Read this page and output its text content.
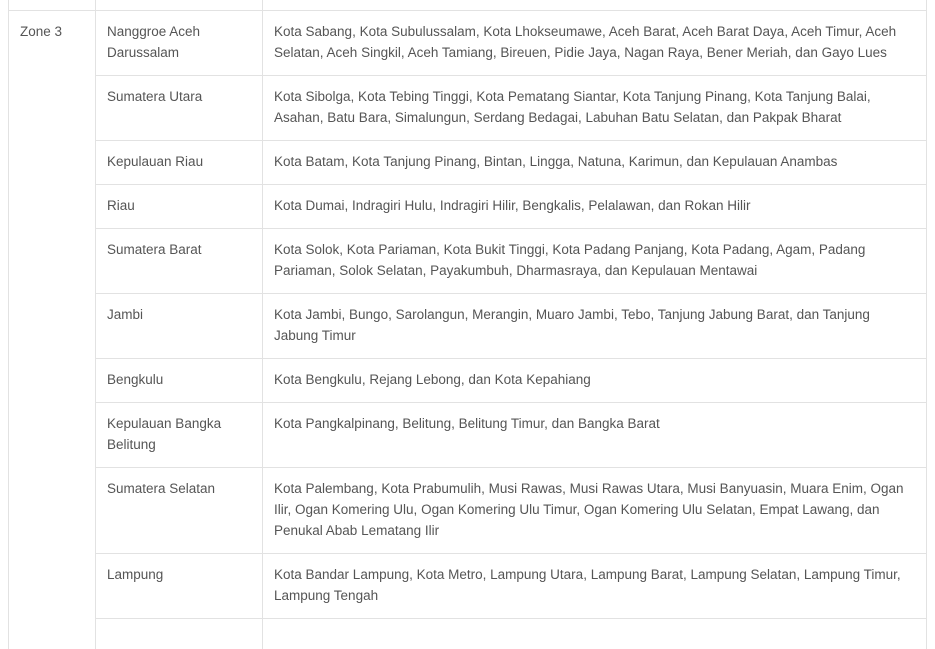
Zone 3	Nanggroe Aceh Darussalam	Kota Sabang, Kota Subulussalam, Kota Lhokseumawe, Aceh Barat, Aceh Barat Daya, Aceh Timur, Aceh Selatan, Aceh Singkil, Aceh Tamiang, Bireuen, Pidie Jaya, Nagan Raya, Bener Meriah, dan Gayo Lues
	Sumatera Utara	Kota Sibolga, Kota Tebing Tinggi, Kota Pematang Siantar, Kota Tanjung Pinang, Kota Tanjung Balai, Asahan, Batu Bara, Simalungun, Serdang Bedagai, Labuhan Batu Selatan, dan Pakpak Bharat
	Kepulauan Riau	Kota Batam, Kota Tanjung Pinang, Bintan, Lingga, Natuna, Karimun, dan Kepulauan Anambas
	Riau	Kota Dumai, Indragiri Hulu, Indragiri Hilir, Bengkalis, Pelalawan, dan Rokan Hilir
	Sumatera Barat	Kota Solok, Kota Pariaman, Kota Bukit Tinggi, Kota Padang Panjang, Kota Padang, Agam, Padang Pariaman, Solok Selatan, Payakumbuh, Dharmasraya, dan Kepulauan Mentawai
	Jambi	Kota Jambi, Bungo, Sarolangun, Merangin, Muaro Jambi, Tebo, Tanjung Jabung Barat, dan Tanjung Jabung Timur
	Bengkulu	Kota Bengkulu, Rejang Lebong, dan Kota Kepahiang
	Kepulauan Bangka Belitung	Kota Pangkalpinang, Belitung, Belitung Timur, dan Bangka Barat
	Sumatera Selatan	Kota Palembang, Kota Prabumulih, Musi Rawas, Musi Rawas Utara, Musi Banyuasin, Muara Enim, Ogan Ilir, Ogan Komering Ulu, Ogan Komering Ulu Timur, Ogan Komering Ulu Selatan, Empat Lawang, dan Penukal Abab Lematang Ilir
	Lampung	Kota Bandar Lampung, Kota Metro, Lampung Utara, Lampung Barat, Lampung Selatan, Lampung Timur, Lampung Tengah
